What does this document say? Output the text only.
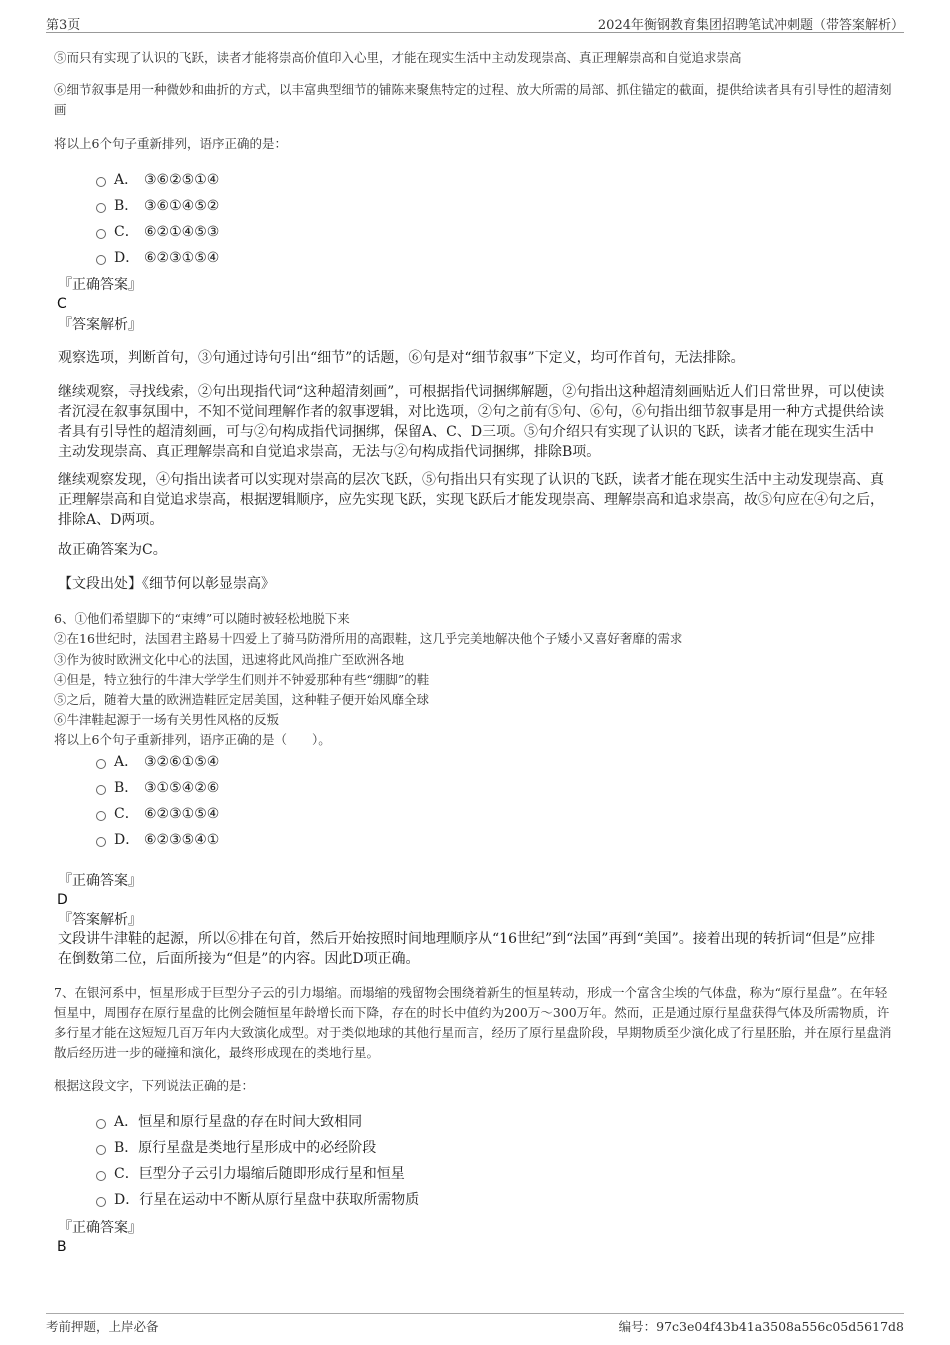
第3页	2024年衡钢教育集团招聘笔试冲刺题（带答案解析）
⑤而只有实现了认识的飞跃，读者才能将崇高价值印入心里，才能在现实生活中主动发现崇高、真正理解崇高和自觉追求崇高
⑥细节叙事是用一种微妙和曲折的方式，以丰富典型细节的铺陈来聚焦特定的过程、放大所需的局部、抓住锚定的截面，提供给读者具有引导性的超清刻画
将以上6个句子重新排列，语序正确的是：
A． ③⑥②⑤①④
B． ③⑥①④⑤②
C． ⑥②①④⑤③
D． ⑥②③①⑤④
『正确答案』
C
『答案解析』
观察选项，判断首句，③句通过诗句引出“细节”的话题，⑥句是对“细节叙事”下定义，均可作首句，无法排除。
继续观察，寻找线索，②句出现指代词“这种超清刻画”，可根据指代词捆绑解题，②句指出这种超清刻画贴近人们日常世界，可以使读者沉浸在叙事氛围中，不知不觉间理解作者的叙事逻辑，对比选项，②句之前有⑤句、⑥句，⑥句指出细节叙事是用一种方式提供给读者具有引导性的超清刻画，可与②句构成指代词捆绑，保留A、C、D三项。⑤句介绍只有实现了认识的飞跃，读者才能在现实生活中主动发现崇高、真正理解崇高和自觉追求崇高，无法与②句构成指代词捆绑，排除B项。
继续观察发现，④句指出读者可以实现对崇高的层次飞跃，⑤句指出只有实现了认识的飞跃，读者才能在现实生活中主动发现崇高、真正理解崇高和自觉追求崇高，根据逻辑顺序，应先实现飞跃，实现飞跃后才能发现崇高、理解崇高和追求崇高，故⑤句应在④句之后，排除A、D两项。
故正确答案为C。
【文段出处】《细节何以彰显崇高》
6、①他们希望脚下的“束缚”可以随时被轻松地脱下来
②在16世纪时，法国君主路易十四爱上了骑马防滑所用的高跟鞋，这几乎完美地解决他个子矮小又喜好奢靡的需求
③作为彼时欧洲文化中心的法国，迅速将此风尚推广至欧洲各地
④但是，特立独行的牛津大学学生们则并不钟爱那种有些“绷脚”的鞋
⑤之后，随着大量的欧洲造鞋匠定居美国，这种鞋子便开始风靡全球
⑥牛津鞋起源于一场有关男性风格的反叛
将以上6个句子重新排列，语序正确的是（　　）。
A． ③②⑥①⑤④
B． ③①⑤④②⑥
C． ⑥②③①⑤④
D． ⑥②③⑤④①
『正确答案』
D
『答案解析』
文段讲牛津鞋的起源，所以⑥排在句首，然后开始按照时间地理顺序从“16世纪”到“法国”再到“美国”。接着出现的转折词“但是”应排在倒数第二位，后面所接为“但是”的内容。因此D项正确。
7、在银河系中，恒星形成于巨型分子云的引力塌缩。而塌缩的残留物会围绕着新生的恒星转动，形成一个富含尘埃的气体盘，称为“原行星盘”。在年轻恒星中，周围存在原行星盘的比例会随恒星年龄增长而下降，存在的时长中值约为200万～300万年。然而，正是通过原行星盘获得气体及所需物质，许多行星才能在这短短几百万年内大致演化成型。对于类似地球的其他行星而言，经历了原行星盘阶段，早期物质至少演化成了行星胚胎，并在原行星盘消散后经历进一步的碰撞和演化，最终形成现在的类地行星。
根据这段文字，下列说法正确的是：
A．恒星和原行星盘的存在时间大致相同
B．原行星盘是类地行星形成中的必经阶段
C．巨型分子云引力塌缩后随即形成行星和恒星
D．行星在运动中不断从原行星盘中获取所需物质
『正确答案』
B
考前押题，上岸必备	编号：97c3e04f43b41a3508a556c05d5617d8
